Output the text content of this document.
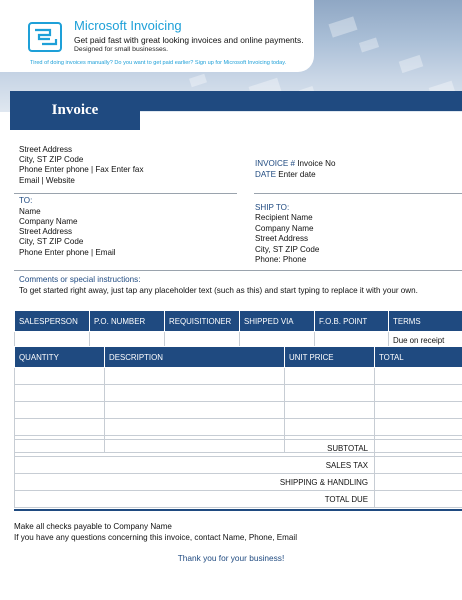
Microsoft Invoicing
Get paid fast with great looking invoices and online payments.
Designed for small businesses.
Tired of doing invoices manually? Do you want to get paid earlier? Sign up for Microsoft Invoicing today.
Invoice
Street Address
City, ST ZIP Code
Phone Enter phone | Fax Enter fax
Email | Website
INVOICE # Invoice No
DATE Enter date
TO:
Name
Company Name
Street Address
City, ST ZIP Code
Phone Enter phone | Email
SHIP TO:
Recipient Name
Company Name
Street Address
City, ST ZIP Code
Phone: Phone
Comments or special instructions:
To get started right away, just tap any placeholder text (such as this) and start typing to replace it with your own.
SALESPERSON	P.O. NUMBER	REQUISITIONER	SHIPPED VIA	F.O.B. POINT	TERMS
					Due on receipt
QUANTITY	DESCRIPTION	UNIT PRICE	TOTAL

SUBTOTAL	
SALES TAX	
SHIPPING & HANDLING	
TOTAL DUE	
Make all checks payable to Company Name
If you have any questions concerning this invoice, contact Name, Phone, Email
Thank you for your business!
